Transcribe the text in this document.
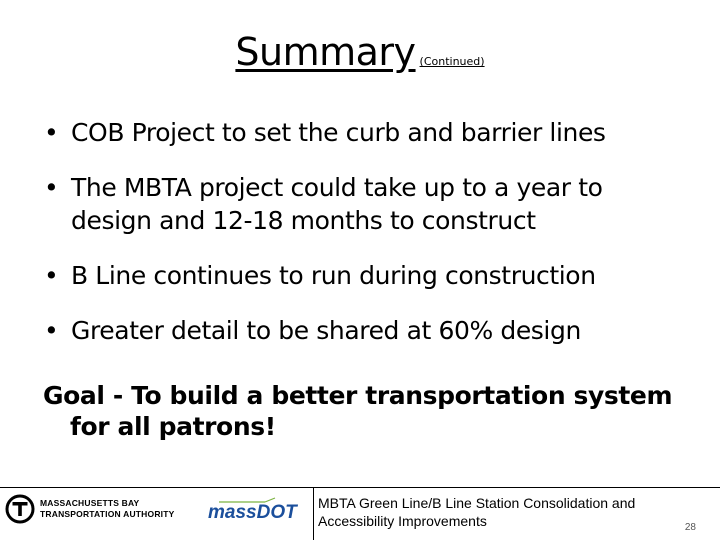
Summary (Continued)
• COB Project to set the curb and barrier lines
• The MBTA project could take up to a year to
design and 12-18 months to construct
• B Line continues to run during construction
• Greater detail to be shared at 60% design
Goal - To build a better transportation system
for all patrons!
MASSACHUSETTS BAY
TRANSPORTATION AUTHORITY massDOT MBTA Green Line/B Line Station Consolidation and
Accessibility Improvements	28
